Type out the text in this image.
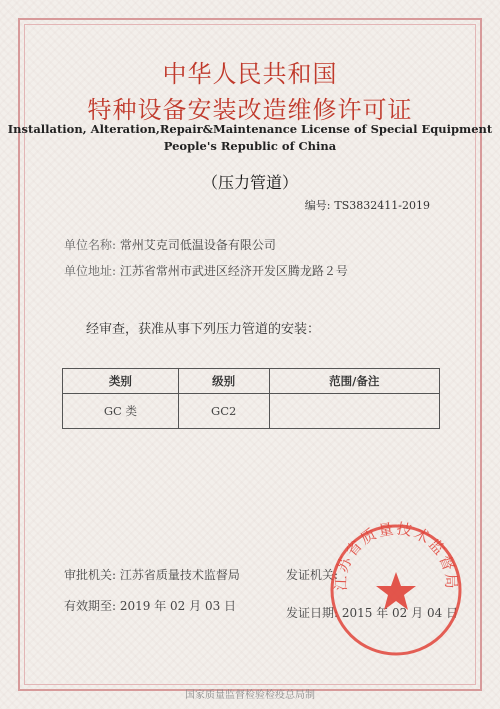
中华人民共和国
特种设备安装改造维修许可证
Installation, Alteration,Repair&Maintenance License of Special Equipment
People's Republic of China
（压力管道）
编号: TS3832411-2019
单位名称: 常州艾克司低温设备有限公司
单位地址: 江苏省常州市武进区经济开发区腾龙路２号
经审查，获准从事下列压力管道的安装：
类别	级别	范围/备注
GC 类	GC2	
审批机关: 江苏省质量技术监督局	发证机关:
有效期至: 2019 年 02 月 03 日	发证日期: 2015 年 02 月 04 日
江苏省质量技术监督局
国家质量监督检验检疫总局制
